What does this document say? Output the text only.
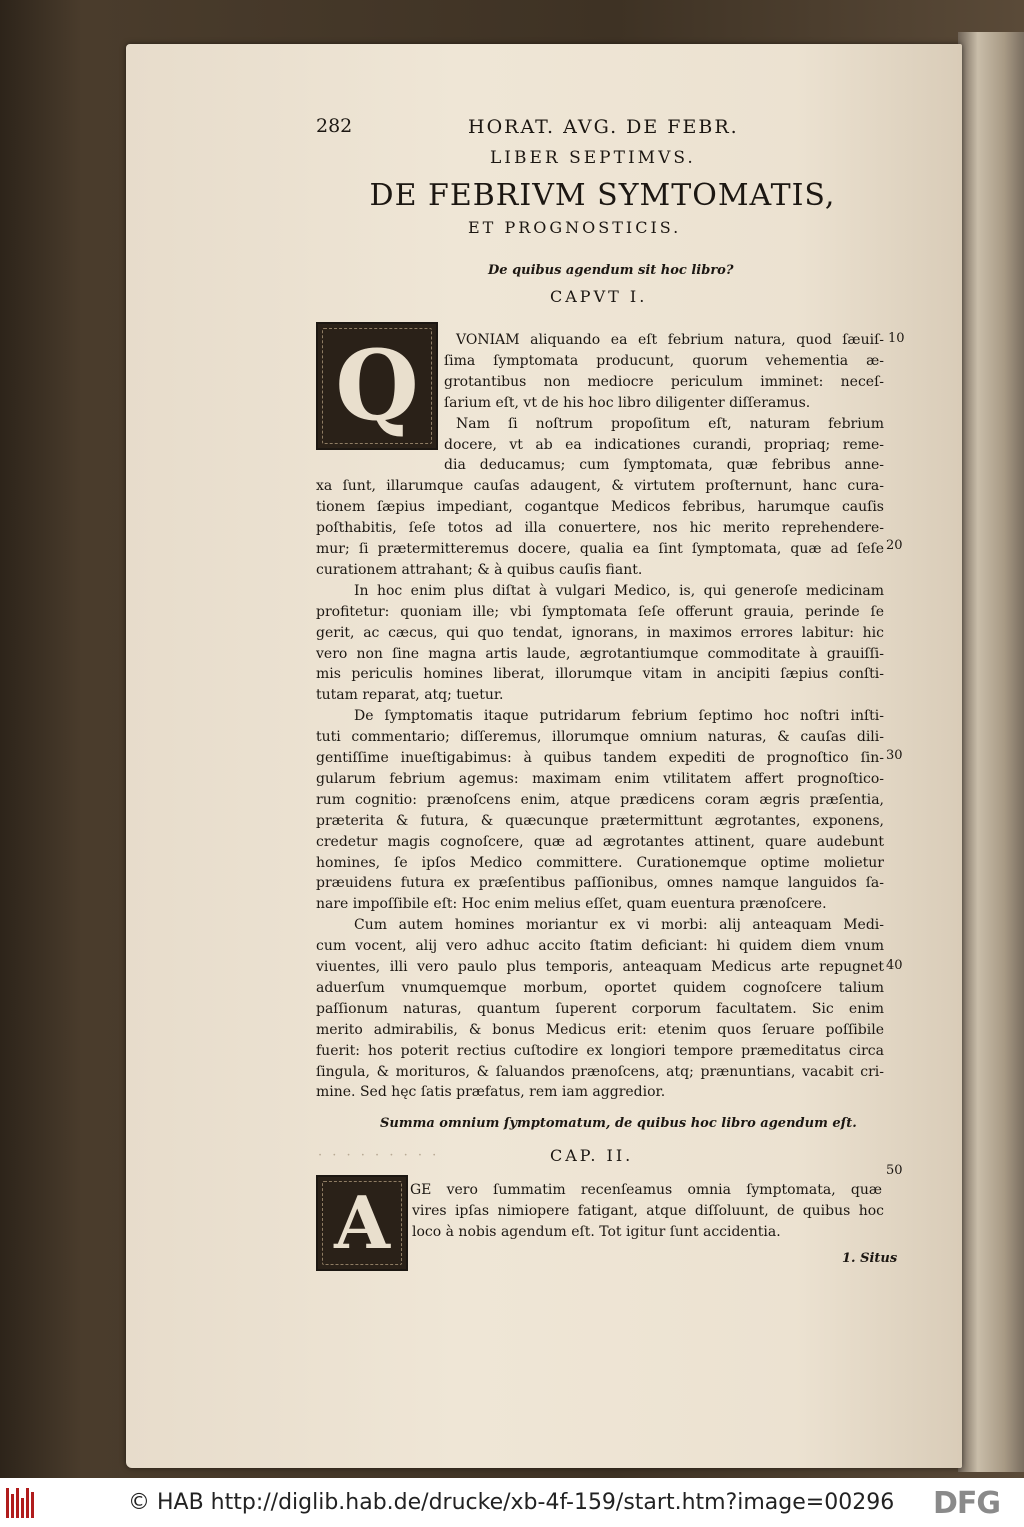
282	HORAT. AVG. DE FEBR.
LIBER SEPTIMVS.
DE FEBRIVM SYMTOMATIS,
ET PROGNOSTICIS.
De quibus agendum sit hoc libro?
CAPVT I.
Q	VONIAM aliquando ea eſt febrium natura, quod ſæuiſ-
ſima ſymptomata producunt, quorum vehementia æ-
grotantibus non mediocre periculum imminet: neceſ-
ſarium eſt, vt de his hoc libro diligenter diſſeramus.
Nam ſi noſtrum propoſitum eſt, naturam febrium
docere, vt ab ea indicationes curandi, propriaq; reme-
dia deducamus; cum ſymptomata, quæ febribus anne-
xa ſunt, illarumque cauſas adaugent, & virtutem proſternunt, hanc cura-
tionem ſæpius impediant, cogantque Medicos febribus, harumque cauſis
poſthabitis, ſeſe totos ad illa conuertere, nos hic merito reprehendere-
mur; ſi prætermitteremus docere, qualia ea ſint ſymptomata, quæ ad ſeſe
curationem attrahant; & à quibus cauſis fiant.
In hoc enim plus diſtat à vulgari Medico, is, qui generoſe medicinam
profitetur: quoniam ille; vbi ſymptomata ſeſe offerunt grauia, perinde ſe
gerit, ac cæcus, qui quo tendat, ignorans, in maximos errores labitur: hic
vero non ſine magna artis laude, ægrotantiumque commoditate à grauiſſi-
mis periculis homines liberat, illorumque vitam in ancipiti ſæpius conſti-
tutam reparat, atq; tuetur.
De ſymptomatis itaque putridarum febrium ſeptimo hoc noſtri inſti-
tuti commentario; diſſeremus, illorumque omnium naturas, & cauſas dili-
gentiſſime inueſtigabimus: à quibus tandem expediti de prognoſtico ſin-
gularum febrium agemus: maximam enim vtilitatem affert prognoſtico-
rum cognitio: prænoſcens enim, atque prædicens coram ægris præſentia,
præterita & futura, & quæcunque prætermittunt ægrotantes, exponens,
credetur magis cognoſcere, quæ ad ægrotantes attinent, quare audebunt
homines, ſe ipſos Medico committere. Curationemque optime molietur
præuidens futura ex præſentibus paſſionibus, omnes namque languidos ſa-
nare impoſſibile eſt: Hoc enim melius eſſet, quam euentura prænoſcere.
Cum autem homines moriantur ex vi morbi: alij anteaquam Medi-
cum vocent, alij vero adhuc accito ſtatim deficiant: hi quidem diem vnum
viuentes, illi vero paulo plus temporis, anteaquam Medicus arte repugnet
aduerſum vnumquemque morbum, oportet quidem cognoſcere talium
paſſionum naturas, quantum ſuperent corporum facultatem. Sic enim
merito admirabilis, & bonus Medicus erit: etenim quos ſeruare poſſibile
fuerit: hos poterit rectius cuſtodire ex longiori tempore præmeditatus circa
ſingula, & morituros, & ſaluandos prænoſcens, atq; prænuntians, vacabit cri-
mine. Sed hęc ſatis præfatus, rem iam aggredior.
· · · · · · · · ·
Summa omnium ſymptomatum, de quibus hoc libro agendum eſt.
CAP. II.
A	GE vero ſummatim recenſeamus omnia ſymptomata, quæ
vires ipſas nimiopere fatigant, atque diſſoluunt, de quibus hoc
loco à nobis agendum eſt. Tot igitur ſunt accidentia.
1. Situs
10
20
30
40
50
© HAB http://diglib.hab.de/drucke/xb-4f-159/start.htm?image=00296 DFG
